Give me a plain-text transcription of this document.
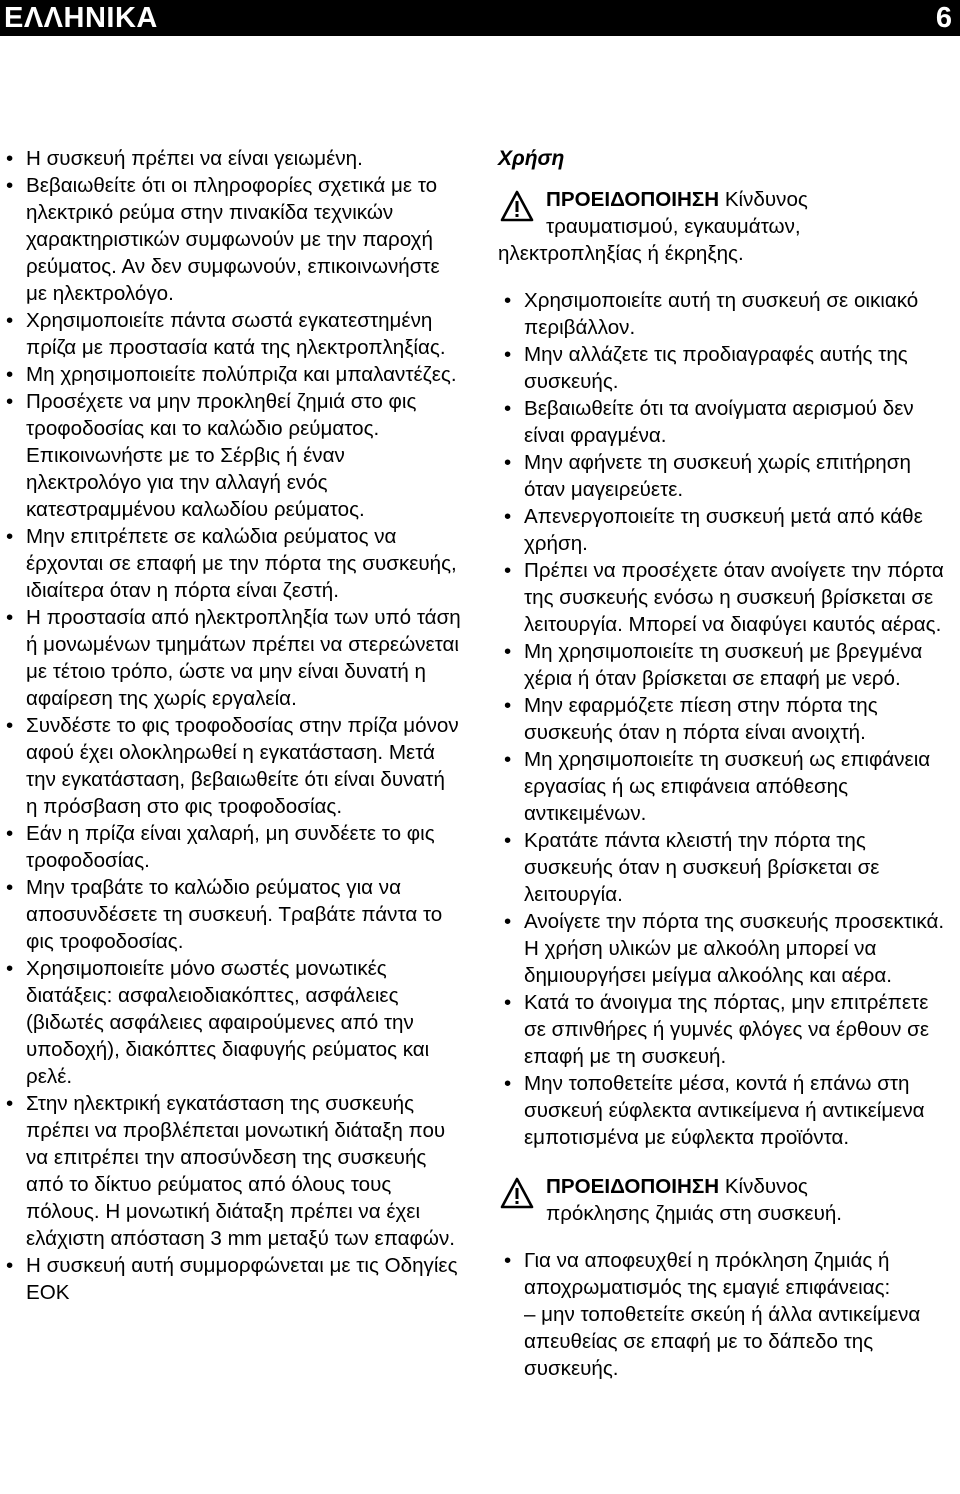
ΕΛΛΗΝΙΚΑ	6
• Η συσκευή πρέπει να είναι γειωμένη.
• Βεβαιωθείτε ότι οι πληροφορίες σχετικά με το ηλεκτρικό ρεύμα στην πινακίδα τεχνικών χαρακτηριστικών συμφωνούν με την παροχή ρεύματος. Αν δεν συμφωνούν, επικοινωνήστε με ηλεκτρολόγο.
• Χρησιμοποιείτε πάντα σωστά εγκατεστημένη πρίζα με προστασία κατά της ηλεκτροπληξίας.
• Μη χρησιμοποιείτε πολύπριζα και μπαλαντέζες.
• Προσέχετε να μην προκληθεί ζημιά στο φις τροφοδοσίας και το καλώδιο ρεύματος. Επικοινωνήστε με το Σέρβις ή έναν ηλεκτρολόγο για την αλλαγή ενός κατεστραμμένου καλωδίου ρεύματος.
• Μην επιτρέπετε σε καλώδια ρεύματος να έρχονται σε επαφή με την πόρτα της συσκευής, ιδιαίτερα όταν η πόρτα είναι ζεστή.
• Η προστασία από ηλεκτροπληξία των υπό τάση ή μονωμένων τμημάτων πρέπει να στερεώνεται με τέτοιο τρόπο, ώστε να μην είναι δυνατή η αφαίρεση της χωρίς εργαλεία.
• Συνδέστε το φις τροφοδοσίας στην πρίζα μόνον αφού έχει ολοκληρωθεί η εγκατάσταση. Μετά την εγκατάσταση, βεβαιωθείτε ότι είναι δυνατή η πρόσβαση στο φις τροφοδοσίας.
• Εάν η πρίζα είναι χαλαρή, μη συνδέετε το φις τροφοδοσίας.
• Μην τραβάτε το καλώδιο ρεύματος για να αποσυνδέσετε τη συσκευή. Τραβάτε πάντα το φις τροφοδοσίας.
• Χρησιμοποιείτε μόνο σωστές μονωτικές διατάξεις: ασφαλειοδιακόπτες, ασφάλειες (βιδωτές ασφάλειες αφαιρούμενες από την υποδοχή), διακόπτες διαφυγής ρεύματος και ρελέ.
• Στην ηλεκτρική εγκατάσταση της συσκευής πρέπει να προβλέπεται μονωτική διάταξη που να επιτρέπει την αποσύνδεση της συσκευής από το δίκτυο ρεύματος από όλους τους πόλους. Η μονωτική διάταξη πρέπει να έχει ελάχιστη απόσταση 3 mm μεταξύ των επαφών.
• Η συσκευή αυτή συμμορφώνεται με τις Οδηγίες ΕΟΚ
Χρήση
ΠΡΟΕΙΔΟΠΟΙΗΣΗ Κίνδυνος
τραυματισμού, εγκαυμάτων,
ηλεκτροπληξίας ή έκρηξης.
• Χρησιμοποιείτε αυτή τη συσκευή σε οικιακό περιβάλλον.
• Μην αλλάζετε τις προδιαγραφές αυτής της συσκευής.
• Βεβαιωθείτε ότι τα ανοίγματα αερισμού δεν είναι φραγμένα.
• Μην αφήνετε τη συσκευή χωρίς επιτήρηση όταν μαγειρεύετε.
• Απενεργοποιείτε τη συσκευή μετά από κάθε χρήση.
• Πρέπει να προσέχετε όταν ανοίγετε την πόρτα της συσκευής ενόσω η συσκευή βρίσκεται σε λειτουργία. Μπορεί να διαφύγει καυτός αέρας.
• Μη χρησιμοποιείτε τη συσκευή με βρεγμένα χέρια ή όταν βρίσκεται σε επαφή με νερό.
• Μην εφαρμόζετε πίεση στην πόρτα της συσκευής όταν η πόρτα είναι ανοιχτή.
• Μη χρησιμοποιείτε τη συσκευή ως επιφάνεια εργασίας ή ως επιφάνεια απόθεσης αντικειμένων.
• Κρατάτε πάντα κλειστή την πόρτα της συσκευής όταν η συσκευή βρίσκεται σε λειτουργία.
• Ανοίγετε την πόρτα της συσκευής προσεκτικά. Η χρήση υλικών με αλκοόλη μπορεί να δημιουργήσει μείγμα αλκοόλης και αέρα.
• Κατά το άνοιγμα της πόρτας, μην επιτρέπετε σε σπινθήρες ή γυμνές φλόγες να έρθουν σε επαφή με τη συσκευή.
• Μην τοποθετείτε μέσα, κοντά ή επάνω στη συσκευή εύφλεκτα αντικείμενα ή αντικείμενα εμποτισμένα με εύφλεκτα προϊόντα.
ΠΡΟΕΙΔΟΠΟΙΗΣΗ Κίνδυνος
πρόκλησης ζημιάς στη συσκευή.
• Για να αποφευχθεί η πρόκληση ζημιάς ή αποχρωματισμός της εμαγιέ επιφάνειας:
– μην τοποθετείτε σκεύη ή άλλα αντικείμενα απευθείας σε επαφή με το δάπεδο της συσκευής.
